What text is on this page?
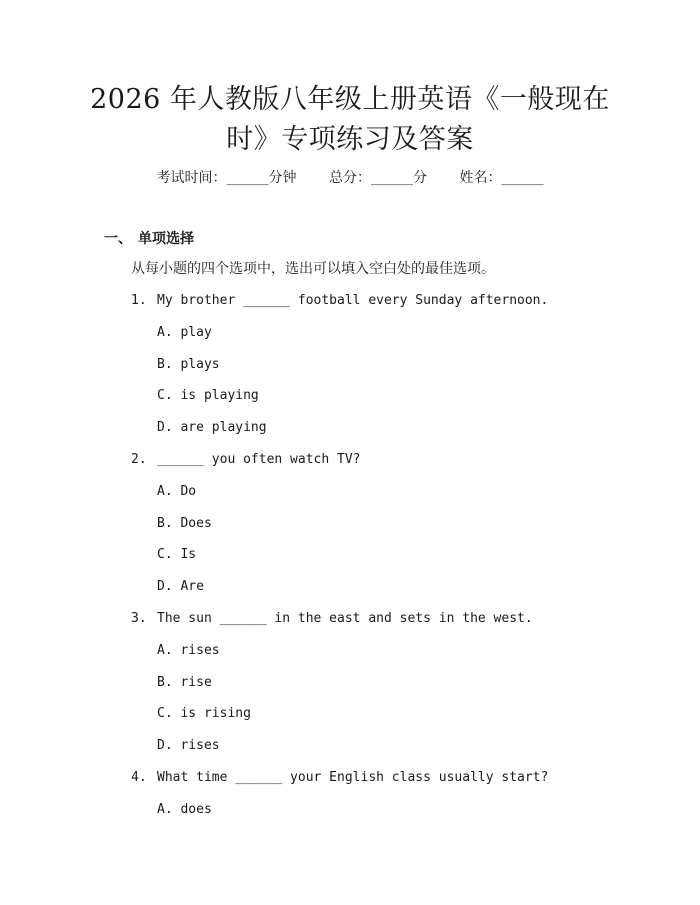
2026 年人教版八年级上册英语《一般现在
时》专项练习及答案
考试时间：______分钟 总分：______分 姓名：______
一、 单项选择
从每小题的四个选项中，选出可以填入空白处的最佳选项。
1. My brother ______ football every Sunday afternoon.
A. play
B. plays
C. is playing
D. are playing
2. ______ you often watch TV?
A. Do
B. Does
C. Is
D. Are
3. The sun ______ in the east and sets in the west.
A. rises
B. rise
C. is rising
D. rises
4. What time ______ your English class usually start?
A. does
